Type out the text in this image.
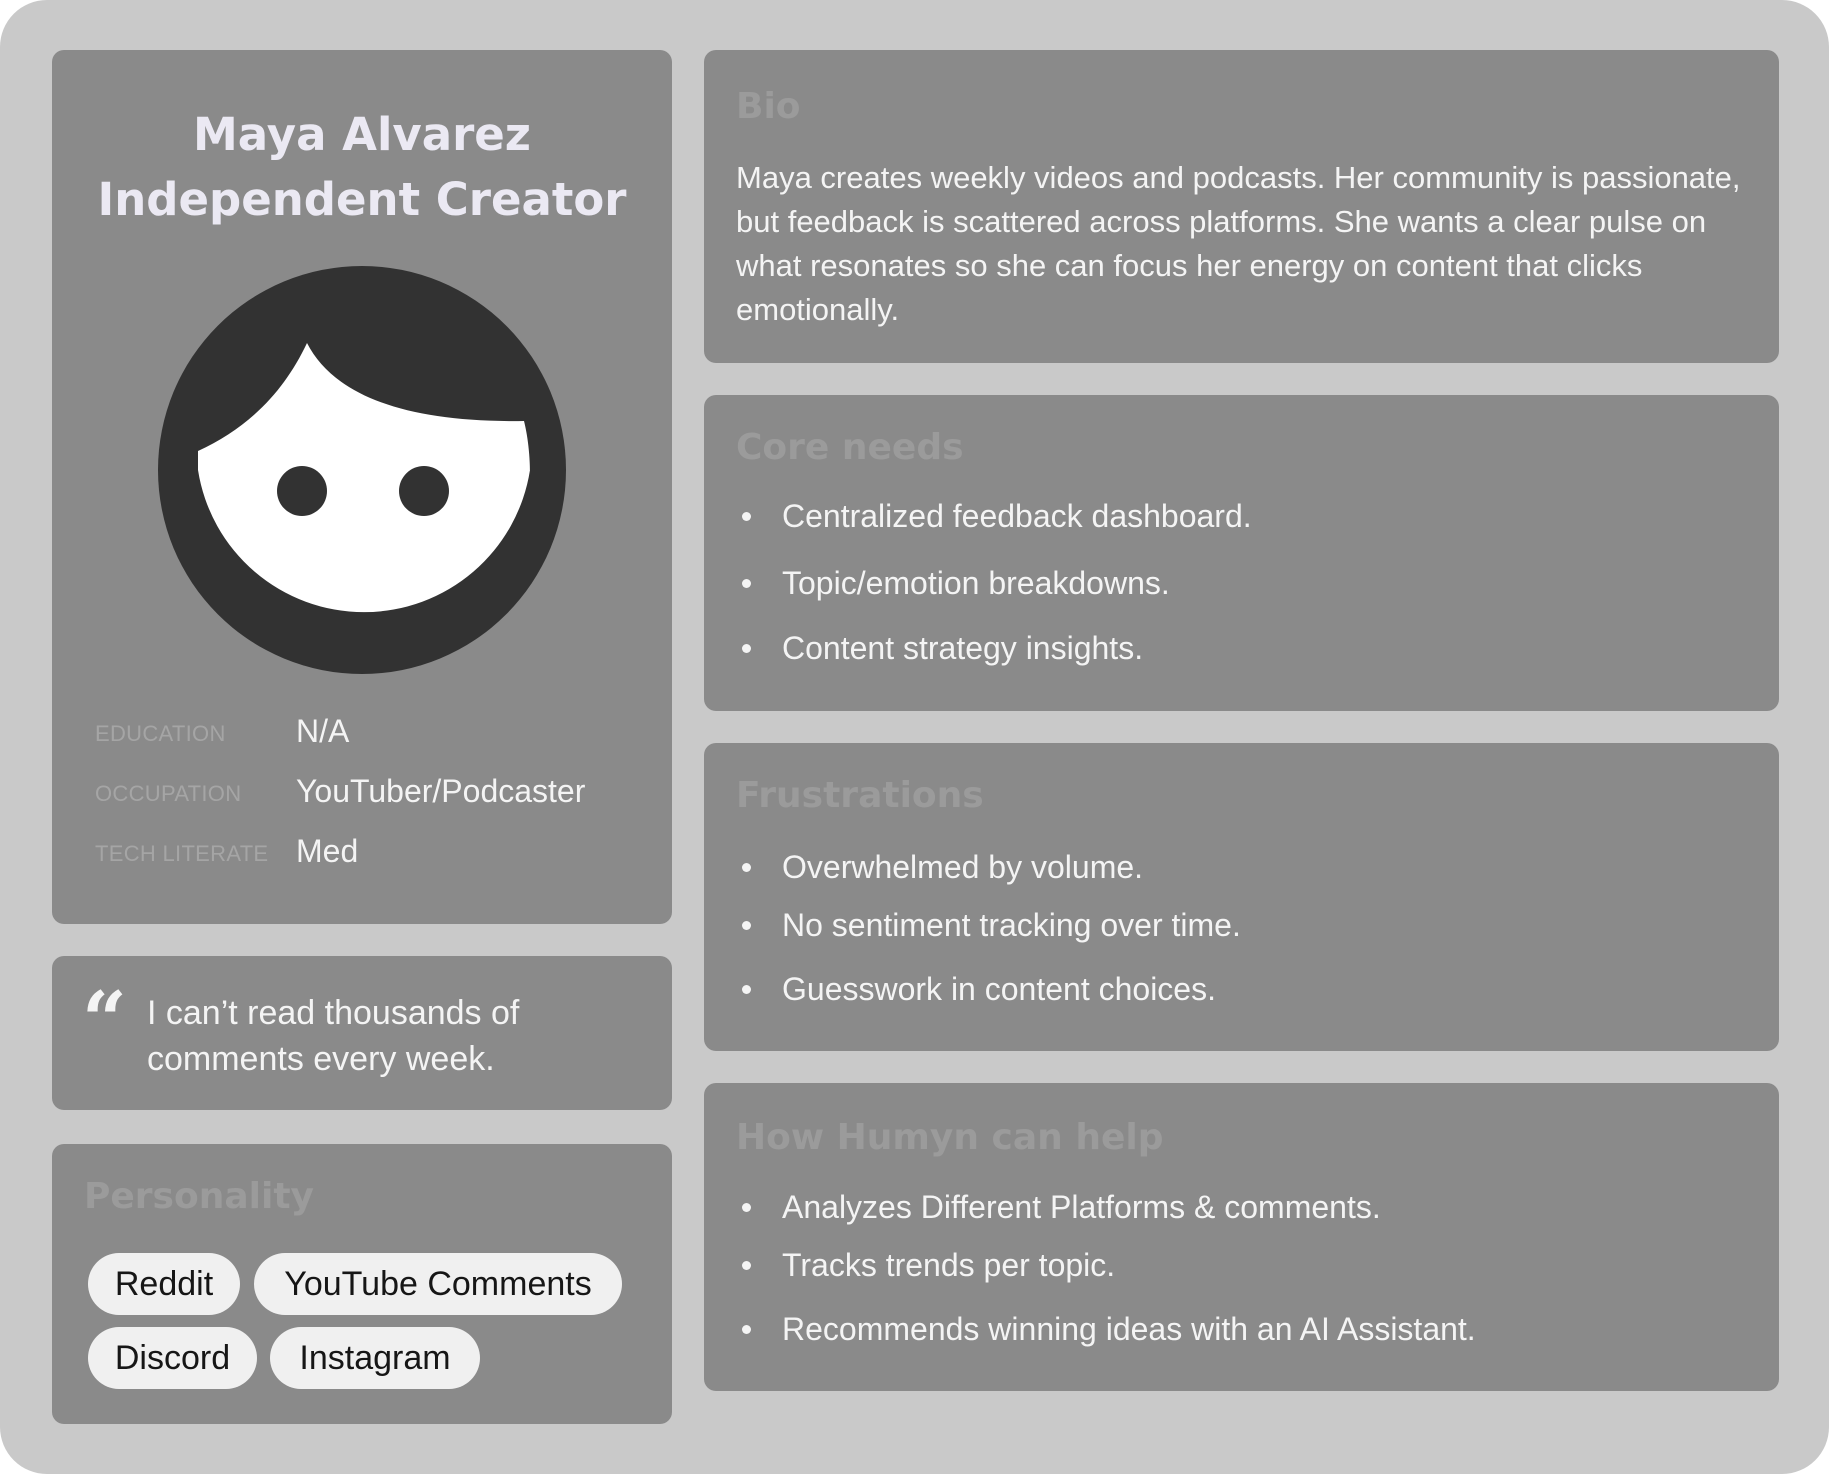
Maya Alvarez
Independent Creator
EDUCATION N/A
OCCUPATION YouTuber/Podcaster
TECH LITERATE Med
“ I can’t read thousands of comments every week.
Personality
Reddit	YouTube Comments
Discord	Instagram
Bio
Maya creates weekly videos and podcasts. Her community is passionate, but feedback is scattered across platforms. She wants a clear pulse on what resonates so she can focus her energy on content that clicks emotionally.
Core needs
Centralized feedback dashboard.
Topic/emotion breakdowns.
Content strategy insights.
Frustrations
Overwhelmed by volume.
No sentiment tracking over time.
Guesswork in content choices.
How Humyn can help
Analyzes Different Platforms & comments.
Tracks trends per topic.
Recommends winning ideas with an AI Assistant.
